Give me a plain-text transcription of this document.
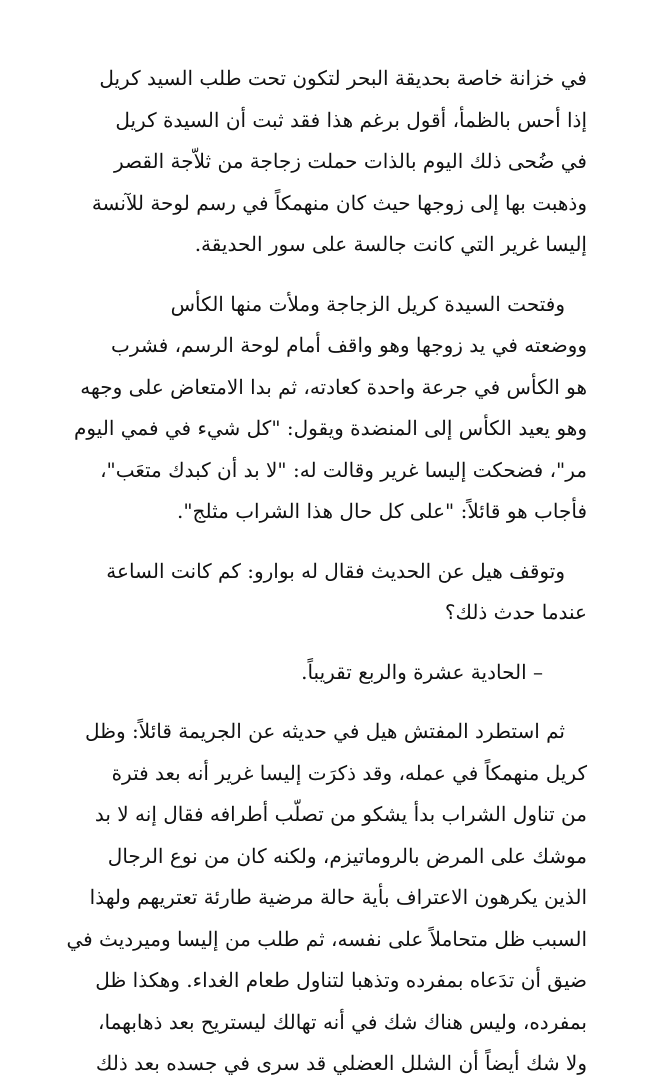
في خزانة خاصة بحديقة البحر لتكون تحت طلب السيد كريل
إذا أحس بالظمأ، أقول برغم هذا فقد ثبت أن السيدة كريل
في ضُحى ذلك اليوم بالذات حملت زجاجة من ثلاّجة القصر
وذهبت بها إلى زوجها حيث كان منهمكاً في رسم لوحة للآنسة
إليسا غرير التي كانت جالسة على سور الحديقة.

وفتحت السيدة كريل الزجاجة وملأت منها الكأس
ووضعته في يد زوجها وهو واقف أمام لوحة الرسم، فشرب
هو الكأس في جرعة واحدة كعادته، ثم بدا الامتعاض على وجهه
وهو يعيد الكأس إلى المنضدة ويقول: "كل شيء في فمي اليوم
مر"، فضحكت إليسا غرير وقالت له: "لا بد أن كبدك متعَب"،
فأجاب هو قائلاً: "على كل حال هذا الشراب مثلج".

وتوقف هيل عن الحديث فقال له بوارو: كم كانت الساعة
عندما حدث ذلك؟

– الحادية عشرة والربع تقريباً.

ثم استطرد المفتش هيل في حديثه عن الجريمة قائلاً: وظل
كريل منهمكاً في عمله، وقد ذكرَت إليسا غرير أنه بعد فترة
من تناول الشراب بدأ يشكو من تصلّب أطرافه فقال إنه لا بد
موشك على المرض بالروماتيزم، ولكنه كان من نوع الرجال
الذين يكرهون الاعتراف بأية حالة مرضية طارئة تعتريهم ولهذا
السبب ظل متحاملاً على نفسه، ثم طلب من إليسا وميرديث في
ضيق أن تدَعاه بمفرده وتذهبا لتناول طعام الغداء. وهكذا ظل
بمفرده، وليس هناك شك في أنه تهالك ليستريح بعد ذهابهما،
ولا شك أيضاً أن الشلل العضلي قد سرى في جسده بعد ذلك
